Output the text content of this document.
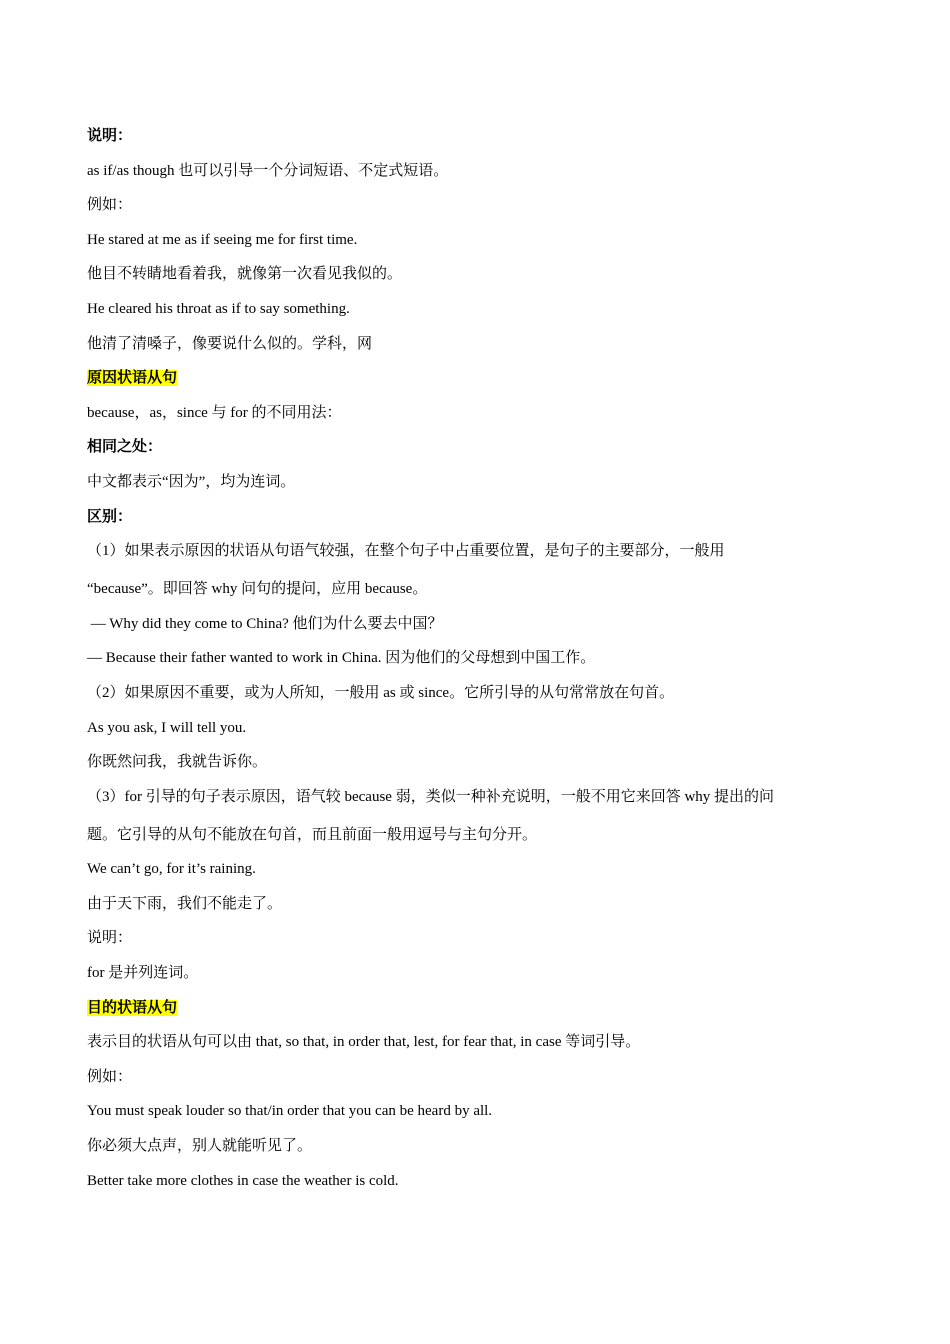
说明：
as if/as though 也可以引导一个分词短语、不定式短语。
例如：
He stared at me as if seeing me for first time.
他目不转睛地看着我，就像第一次看见我似的。
He cleared his throat as if to say something.
他清了清嗓子，像要说什么似的。学科，网
原因状语从句
because，as，since 与 for 的不同用法：
相同之处：
中文都表示“因为”，均为连词。
区别：
（1）如果表示原因的状语从句语气较强，在整个句子中占重要位置，是句子的主要部分，一般用
“because”。即回答 why 问句的提问，应用 because。
— Why did they come to China? 他们为什么要去中国？
— Because their father wanted to work in China. 因为他们的父母想到中国工作。
（2）如果原因不重要，或为人所知，一般用 as 或 since。它所引导的从句常常放在句首。
As you ask, I will tell you.
你既然问我，我就告诉你。
（3）for 引导的句子表示原因，语气较 because 弱，类似一种补充说明，一般不用它来回答 why 提出的问
题。它引导的从句不能放在句首，而且前面一般用逗号与主句分开。
We can’t go, for it’s raining.
由于天下雨，我们不能走了。
说明：
for 是并列连词。
目的状语从句
表示目的状语从句可以由 that, so that, in order that, lest, for fear that, in case 等词引导。
例如：
You must speak louder so that/in order that you can be heard by all.
你必须大点声，别人就能听见了。
Better take more clothes in case the weather is cold.
